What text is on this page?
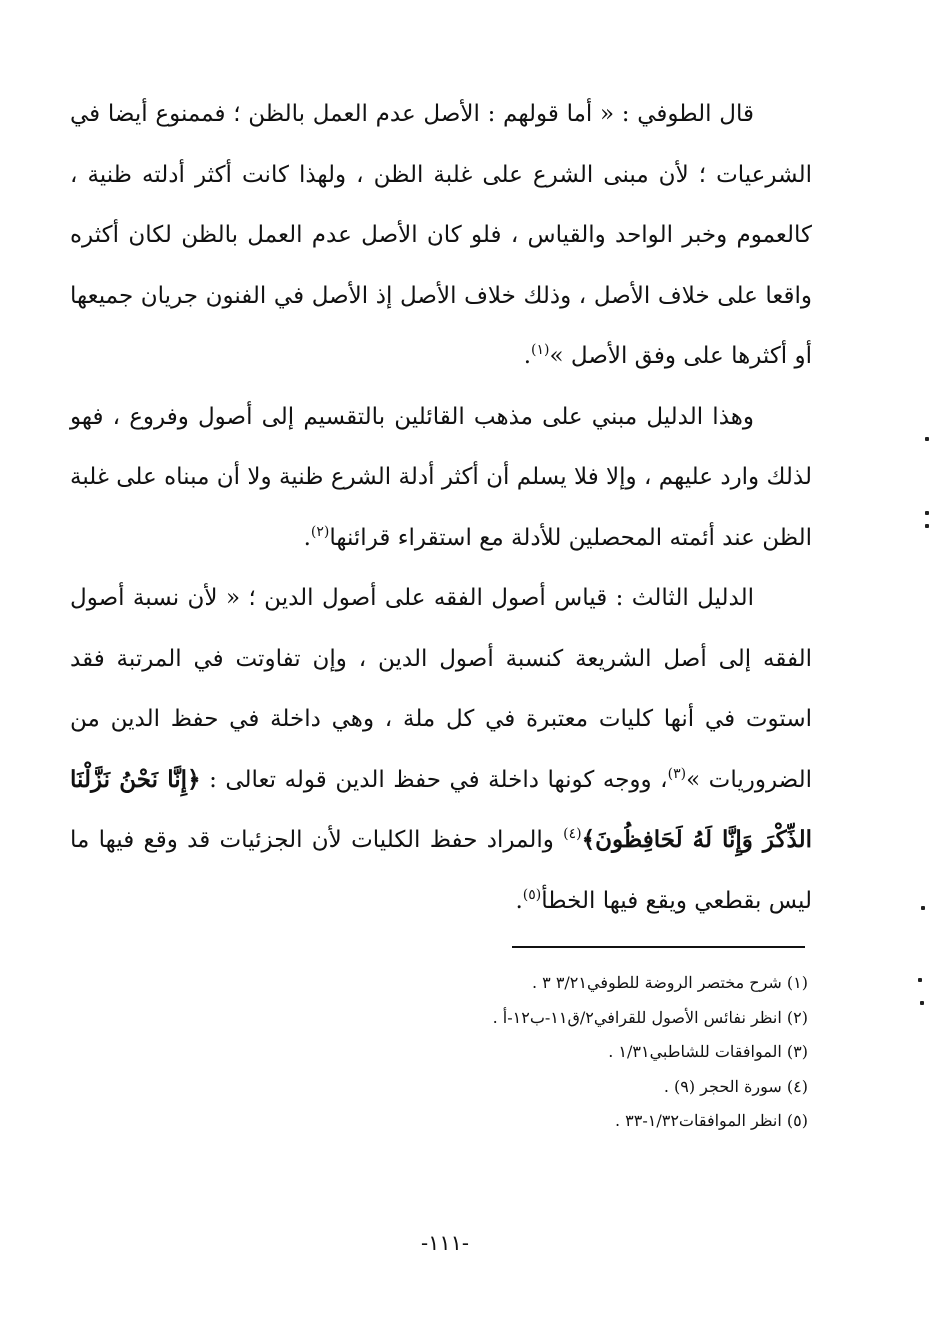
قال الطوفي : « أما قولهم : الأصل عدم العمل بالظن ؛ فممنوع أيضا في الشرعيات ؛ لأن مبنى الشرع على غلبة الظن ، ولهذا كانت أكثر أدلته ظنية ، كالعموم وخبر الواحد والقياس ، فلو كان الأصل عدم العمل بالظن لكان أكثره واقعا على خلاف الأصل ، وذلك خلاف الأصل إذ الأصل في الفنون جريان جميعها أو أكثرها على وفق الأصل »$^{(١)}$.

وهذا الدليل مبني على مذهب القائلين بالتقسيم إلى أصول وفروع ، فهو لذلك وارد عليهم ، وإلا فلا يسلم أن أكثر أدلة الشرع ظنية ولا أن مبناه على غلبة الظن عند أئمته المحصلين للأدلة مع استقراء قرائنها$^{(٢)}$.

الدليل الثالث : قياس أصول الفقه على أصول الدين ؛ « لأن نسبة أصول الفقه إلى أصل الشريعة كنسبة أصول الدين ، وإن تفاوتت في المرتبة فقد استوت في أنها كليات معتبرة في كل ملة ، وهي داخلة في حفظ الدين من الضروريات »$^{(٣)}$، ووجه كونها داخلة في حفظ الدين قوله تعالى : ﴿إِنَّا نَحْنُ نَزَّلْنَا الذِّكْرَ وَإِنَّا لَهُ لَحَافِظُونَ﴾$^{(٤)}$ والمراد حفظ الكليات لأن الجزئيات قد وقع فيها ما ليس بقطعي ويقع فيها الخطأ$^{(٥)}$.

(١) شرح مختصر الروضة للطوفي٣/٢١ ٣ .

(٢) انظر نفائس الأصول للقرافي٢/ق١١-ب١٢-أ .

(٣) الموافقات للشاطبي١/٣١ .

(٤) سورة الحجر (٩) .

(٥) انظر الموافقات١/٣٢-٣٣ .

-١١١-
